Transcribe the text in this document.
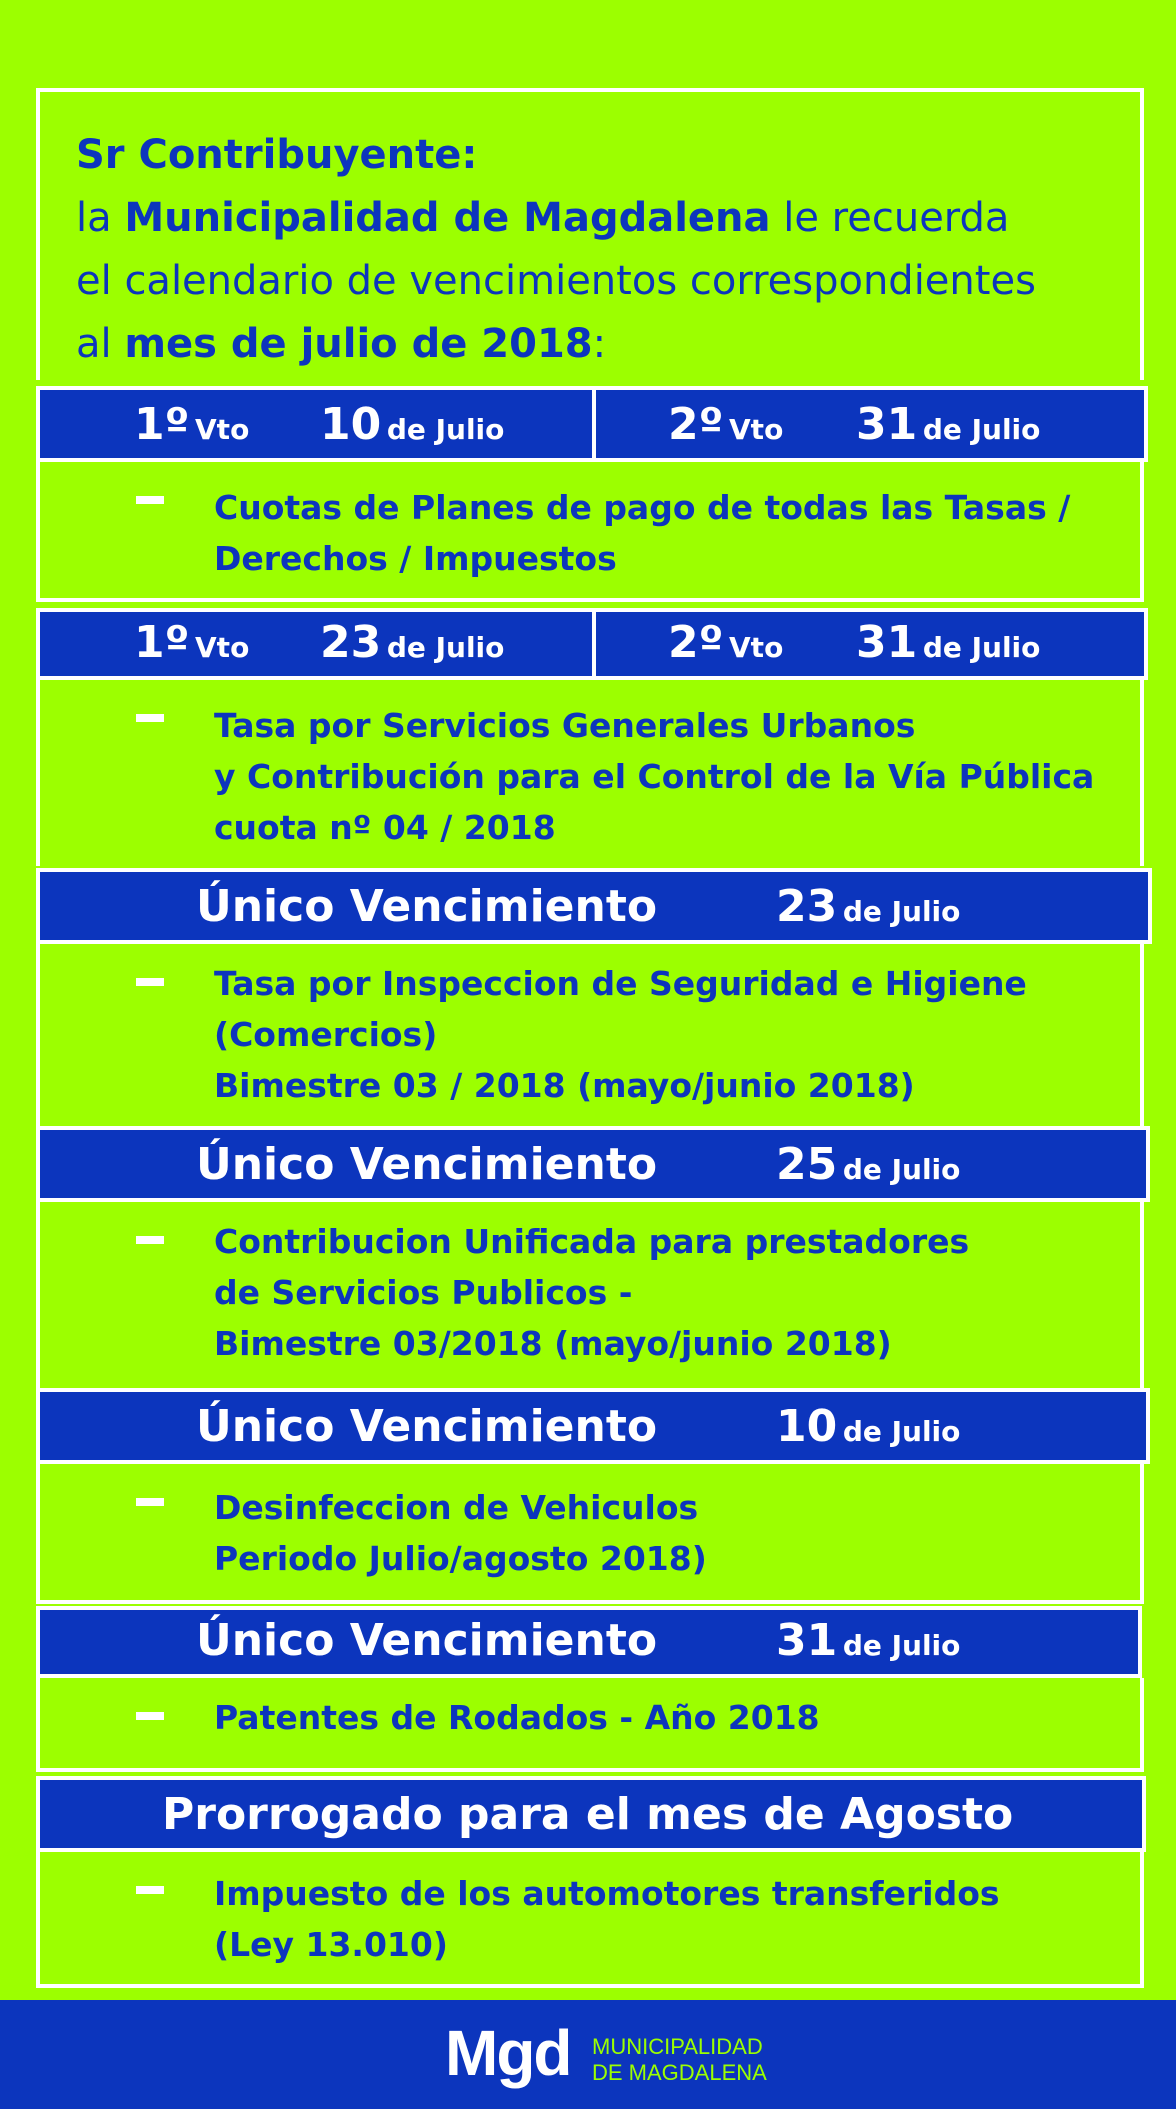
Sr Contribuyente:
la Municipalidad de Magdalena le recuerda
el calendario de vencimientos correspondientes
al mes de julio de 2018:
1º Vto 10 de Julio	2º Vto 31 de Julio
Cuotas de Planes de pago de todas las Tasas /
Derechos / Impuestos
1º Vto 23 de Julio	2º Vto 31 de Julio
Tasa por Servicios Generales Urbanos
y Contribución para el Control de la Vía Pública
cuota nº 04 / 2018
Único Vencimiento	23 de Julio
Tasa por Inspeccion de Seguridad e Higiene
(Comercios)
Bimestre 03 / 2018 (mayo/junio 2018)
Único Vencimiento	25 de Julio
Contribucion Unificada para prestadores
de Servicios Publicos -
Bimestre 03/2018 (mayo/junio 2018)
Único Vencimiento	10 de Julio
Desinfeccion de Vehiculos
Periodo Julio/agosto 2018)
Único Vencimiento	31 de Julio
Patentes de Rodados - Año 2018
Prorrogado para el mes de Agosto
Impuesto de los automotores transferidos
(Ley 13.010)
Mgd MUNICIPALIDAD
DE MAGDALENA
